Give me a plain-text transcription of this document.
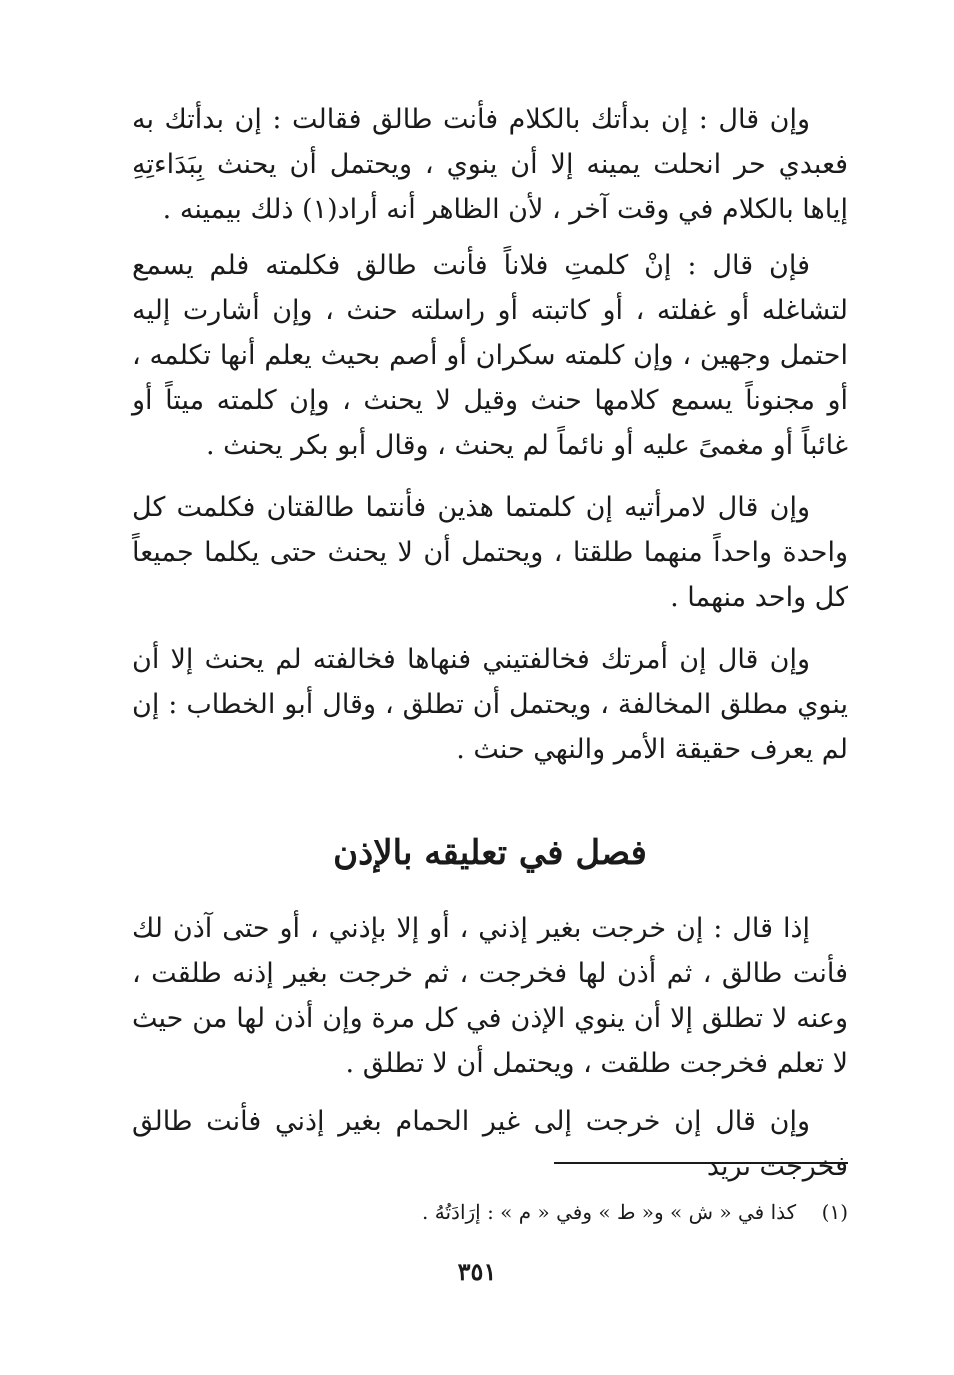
وإن قال : إن بدأتك بالكلام فأنت طالق فقالت : إن بدأتك به فعبدي حر انحلت يمينه إلا أن ينوي ، ويحتمل أن يحنث بِبَدَاءتِهِ إياها بالكلام في وقت آخر ، لأن الظاهر أنه أراد(١) ذلك بيمينه .

فإن قال : إنْ كلمتِ فلاناً فأنت طالق فكلمته فلم يسمع لتشاغله أو غفلته ، أو كاتبته أو راسلته حنث ، وإن أشارت إليه احتمل وجهين ، وإن كلمته سكران أو أصم بحيث يعلم أنها تكلمه ، أو مجنوناً يسمع كلامها حنث وقيل لا يحنث ، وإن كلمته ميتاً أو غائباً أو مغمىً عليه أو نائماً لم يحنث ، وقال أبو بكر يحنث .

وإن قال لامرأتيه إن كلمتما هذين فأنتما طالقتان فكلمت كل واحدة واحداً منهما طلقتا ، ويحتمل أن لا يحنث حتى يكلما جميعاً كل واحد منهما .

وإن قال إن أمرتك فخالفتيني فنهاها فخالفته لم يحنث إلا أن ينوي مطلق المخالفة ، ويحتمل أن تطلق ، وقال أبو الخطاب : إن لم يعرف حقيقة الأمر والنهي حنث .

فصل في تعليقه بالإذن

إذا قال : إن خرجت بغير إذني ، أو إلا بإذني ، أو حتى آذن لك فأنت طالق ، ثم أذن لها فخرجت ، ثم خرجت بغير إذنه طلقت ، وعنه لا تطلق إلا أن ينوي الإذن في كل مرة وإن أذن لها من حيث لا تعلم فخرجت طلقت ، ويحتمل أن لا تطلق .

وإن قال إن خرجت إلى غير الحمام بغير إذني فأنت طالق فخرجت تريد

(١)    كذا في « ش » و« ط » وفي « م » : إرَادَتُهُ .
٣٥١
